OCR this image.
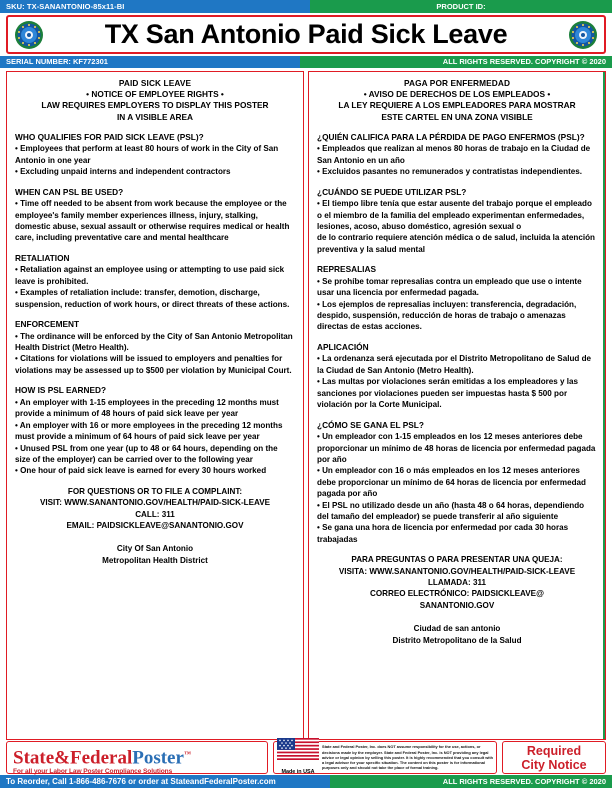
SKU: TX-SANANTONIO-85x11-BI	PRODUCT ID:
TX San Antonio Paid Sick Leave
SERIAL NUMBER: KF772301	ALL RIGHTS RESERVED. COPYRIGHT © 2020
PAID SICK LEAVE
• NOTICE OF EMPLOYEE RIGHTS •
LAW REQUIRES EMPLOYERS TO DISPLAY THIS POSTER
IN A VISIBLE AREA
WHO QUALIFIES FOR PAID SICK LEAVE (PSL)?

• Employees that perform at least 80 hours of work in the City of San Antonio in one year

• Excluding unpaid interns and independent contractors

WHEN CAN PSL BE USED?

• Time off needed to be absent from work because the employee or the employee's family member experiences illness, injury, stalking, domestic abuse, sexual assault or otherwise requires medical or health care, including preventative care and mental healthcare

RETALIATION

• Retaliation against an employee using or attempting to use paid sick leave is prohibited.

• Examples of retaliation include: transfer, demotion, discharge, suspension, reduction of work hours, or direct threats of these actions.

ENFORCEMENT

• The ordinance will be enforced by the City of San Antonio Metropolitan Health District (Metro Health).

• Citations for violations will be issued to employers and penalties for violations may be assessed up to $500 per violation by Municipal Court.

HOW IS PSL EARNED?

• An employer with 1-15 employees in the preceding 12 months must provide a minimum of 48 hours of paid sick leave per year

• An employer with 16 or more employees in the preceding 12 months must provide a minimum of 64 hours of paid sick leave per year

• Unused PSL from one year (up to 48 or 64 hours, depending on the size of the employer) can be carried over to the following year

• One hour of paid sick leave is earned for every 30 hours worked

FOR QUESTIONS OR TO FILE A COMPLAINT:
VISIT: WWW.SANANTONIO.GOV/HEALTH/PAID-SICK-LEAVE
CALL: 311
EMAIL: PAIDSICKLEAVE@SANANTONIO.GOV
City Of San Antonio
Metropolitan Health District
PAGA POR ENFERMEDAD
• AVISO DE DERECHOS DE LOS EMPLEADOS •
LA LEY REQUIERE A LOS EMPLEADORES PARA MOSTRAR
ESTE CARTEL EN UNA ZONA VISIBLE
¿QUIÉN CALIFICA PARA LA PÉRDIDA DE PAGO ENFERMOS (PSL)?

• Empleados que realizan al menos 80 horas de trabajo en la Ciudad de San Antonio en un año

• Excluidos pasantes no remunerados y contratistas independientes.

¿CUÁNDO SE PUEDE UTILIZAR PSL?

• El tiempo libre tenía que estar ausente del trabajo porque el empleado o el miembro de la familia del empleado experimentan enfermedades, lesiones, acoso, abuso doméstico, agresión sexual o

de lo contrario requiere atención médica o de salud, incluida la atención preventiva y la salud mental

REPRESALIAS

• Se prohíbe tomar represalias contra un empleado que use o intente usar una licencia por enfermedad pagada.

• Los ejemplos de represalias incluyen: transferencia, degradación, despido, suspensión, reducción de horas de trabajo o amenazas directas de estas acciones.

APLICACIÓN

• La ordenanza será ejecutada por el Distrito Metropolitano de Salud de la Ciudad de San Antonio (Metro Health).

• Las multas por violaciones serán emitidas a los empleadores y las sanciones por violaciones pueden ser impuestas hasta $ 500 por violación por la Corte Municipal.

¿CÓMO SE GANA EL PSL?

• Un empleador con 1-15 empleados en los 12 meses anteriores debe proporcionar un mínimo de 48 horas de licencia por enfermedad pagada por año

• Un empleador con 16 o más empleados en los 12 meses anteriores debe proporcionar un mínimo de 64 horas de licencia por enfermedad pagada por año

• El PSL no utilizado desde un año (hasta 48 o 64 horas, dependiendo del tamaño del empleador) se puede transferir al año siguiente

• Se gana una hora de licencia por enfermedad por cada 30 horas trabajadas

PARA PREGUNTAS O PARA PRESENTAR UNA QUEJA:
VISITA: WWW.SANANTONIO.GOV/HEALTH/PAID-SICK-LEAVE
LLAMADA: 311
CORREO ELECTRÓNICO: PAIDSICKLEAVE@
SANANTONIO.GOV
Ciudad de san antonio
Distrito Metropolitano de la Salud
State&FederalPoster™
For all your Labor Law Poster Compliance Solutions	Made in USA
State and Federal Poster, Inc. does NOT assume responsibility for the use, actions, or decisions made by the employer. State and Federal Poster, Inc. is NOT providing any legal advice or legal opinion by selling this poster. It is highly recommended that you consult with a legal advisor for your specific situation. The content on this poster is for informational purposes only and should not take the place of formal training.
Required
City Notice
To Reorder, Call 1-866-486-7676 or order at StateandFederalPoster.com	ALL RIGHTS RESERVED. COPYRIGHT © 2020
